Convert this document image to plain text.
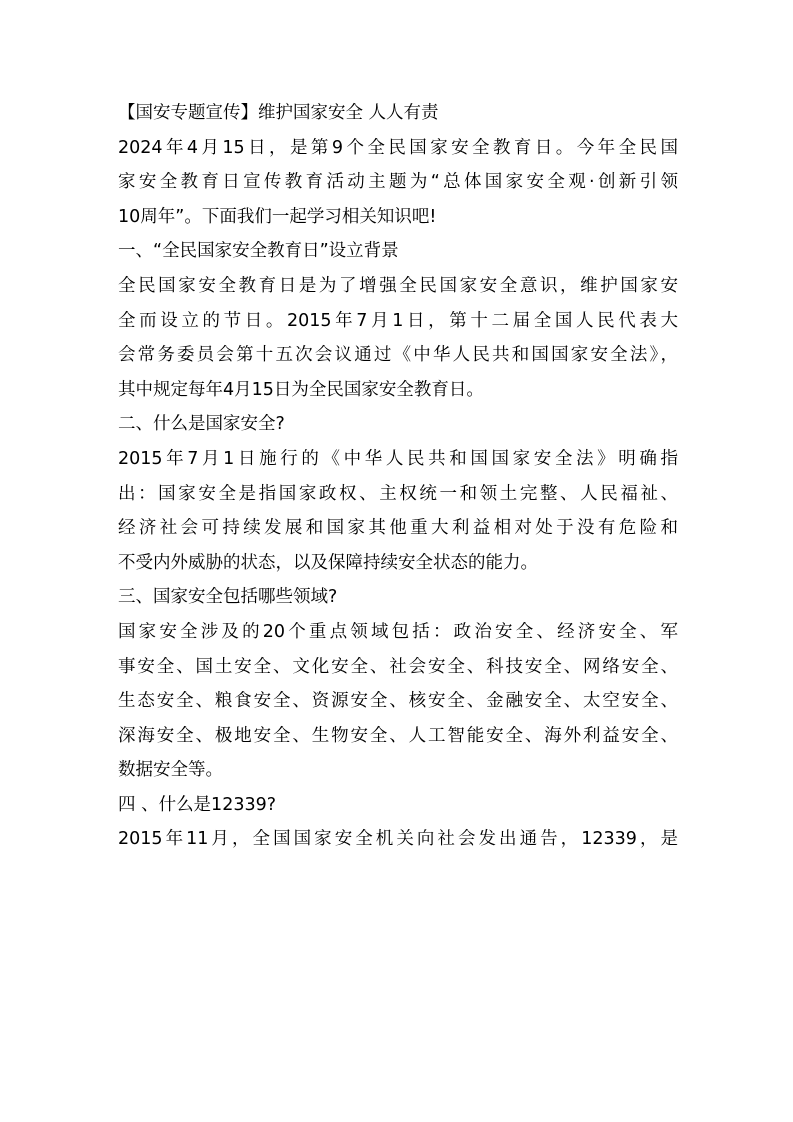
【国安专题宣传】维护国家安全 人人有责
2024年4月15日，是第9个全民国家安全教育日。今年全民国
家安全教育日宣传教育活动主题为“总体国家安全观·创新引领
10周年”。下面我们一起学习相关知识吧!
一、“全民国家安全教育日”设立背景
全民国家安全教育日是为了增强全民国家安全意识，维护国家安
全而设立的节日。2015年7月1日，第十二届全国人民代表大
会常务委员会第十五次会议通过《中华人民共和国国家安全法》，
其中规定每年4月15日为全民国家安全教育日。
二、什么是国家安全?
2015年7月1日施行的《中华人民共和国国家安全法》明确指
出：国家安全是指国家政权、主权统一和领土完整、人民福祉、
经济社会可持续发展和国家其他重大利益相对处于没有危险和
不受内外威胁的状态，以及保障持续安全状态的能力。
三、国家安全包括哪些领域?
国家安全涉及的20个重点领域包括：政治安全、经济安全、军
事安全、国土安全、文化安全、社会安全、科技安全、网络安全、
生态安全、粮食安全、资源安全、核安全、金融安全、太空安全、
深海安全、极地安全、生物安全、人工智能安全、海外利益安全、
数据安全等。
四 、什么是12339?
2015年11月，全国国家安全机关向社会发出通告，12339，是
